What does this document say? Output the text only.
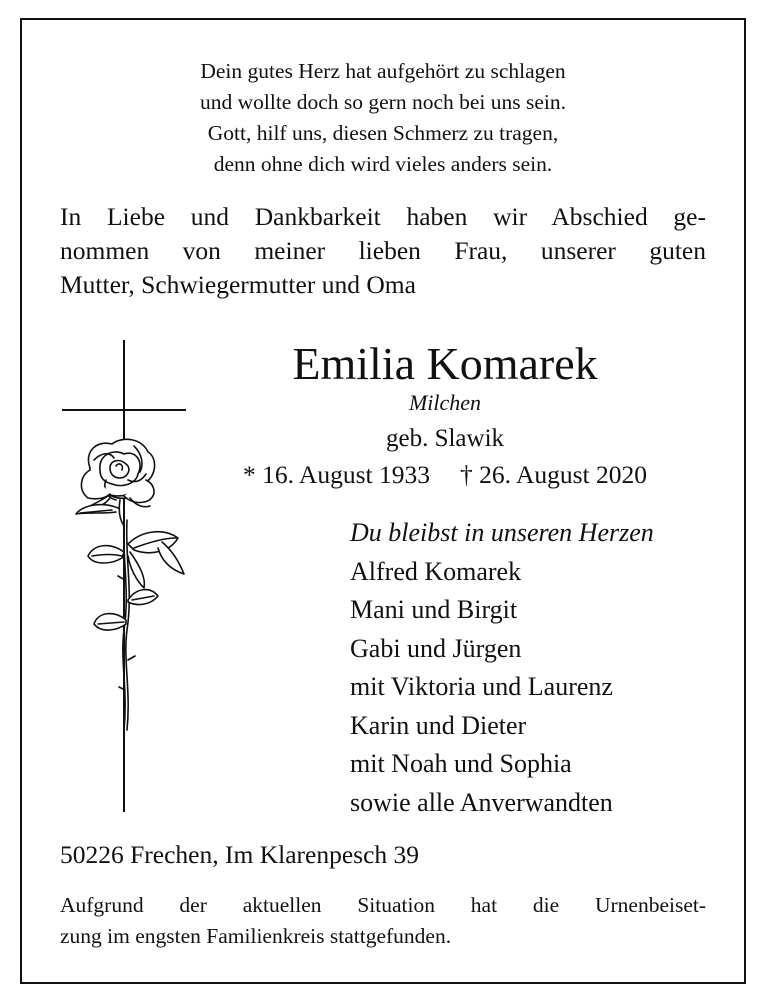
Dein gutes Herz hat aufgehört zu schlagen
und wollte doch so gern noch bei uns sein.
Gott, hilf uns, diesen Schmerz zu tragen,
denn ohne dich wird vieles anders sein.
In Liebe und Dankbarkeit haben wir Abschied ge-
nommen von meiner lieben Frau, unserer guten
Mutter, Schwiegermutter und Oma
Emilia Komarek
Milchen
geb. Slawik
* 16. August 1933 † 26. August 2020
Du bleibst in unseren Herzen
Alfred Komarek
Mani und Birgit
Gabi und Jürgen
mit Viktoria und Laurenz
Karin und Dieter
mit Noah und Sophia
sowie alle Anverwandten
50226 Frechen, Im Klarenpesch 39
Aufgrund der aktuellen Situation hat die Urnenbeiset-
zung im engsten Familienkreis stattgefunden.
